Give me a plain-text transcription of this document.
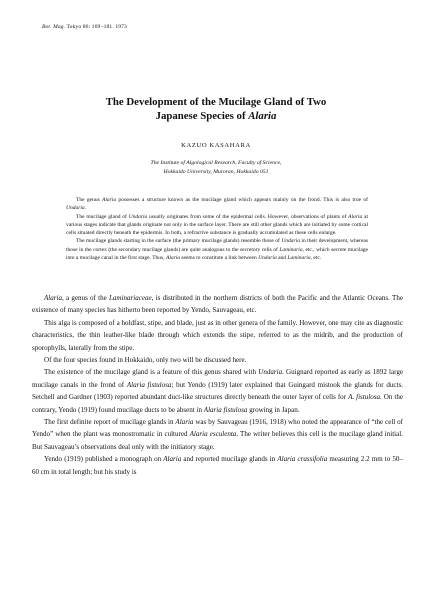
Bot. Mag. Tokyo 86: 169−181. 1973
The Development of the Mucilage Gland of Two
Japanese Species of Alaria
KAZUO KASAHARA
The Institute of Algological Research, Faculty of Science,
Hokkaido University, Muroran, Hokkaido 051

The genus Alaria possesses a structure known as the mucilage gland which appears mainly on the frond. This is also true of Undaria.

The mucilage gland of Undaria usually originates from some of the epidermal cells. However, observations of plants of Alaria at various stages indicate that glands originate not only in the surface layer. There are still other glands which are initiated by some cortical cells situated directly beneath the epidermis. In both, a refractive substance is gradually accumulated as these cells enlarge.

The mucilage glands starting in the surface (the primary mucilage glands) resemble those of Undaria in their development, whereas those in the cortex (the secondary mucilage glands) are quite analogous to the secretory cells of Laminaria, etc., which secrete mucilage into a mucilage canal in the first stage. Thus, Alaria seems to constitute a link between Undaria and Laminaria, etc.

Alaria, a genus of the Laminariaceae, is distributed in the northern districts of both the Pacific and the Atlantic Oceans. The existence of many species has hitherto been reported by Yendo, Sauvageau, etc.

This alga is composed of a holdfast, stipe, and blade, just as in other genera of the family. However, one may cite as diagnostic characteristics, the thin leather-like blade through which extends the stipe, referred to as the midrib, and the production of sporophylls, laterally from the stipe.

Of the four species found in Hokkaido, only two will be discussed here.

The existence of the mucilage gland is a feature of this genus shared with Undaria. Guignard reported as early as 1892 large mucilage canals in the frond of Alaria fistulosa; but Yendo (1919) later explained that Guingard mistook the glands for ducts. Setchell and Gardner (1903) reported abundant duct-like structures directly beneath the outer layer of cells for A. fistulosa. On the contrary, Yendo (1919) found mucilage ducts to be absent in Alaria fistulosa growing in Japan.

The first definite report of mucilage glands in Alaria was by Sauvageau (1916, 1918) who noted the appearance of “the cell of Yendo” when the plant was monostromatic in cultured Alaria esculenta. The writer believes this cell is the mucilage gland initial. But Sauvageau’s observations deal only with the initiatory stage.

Yendo (1919) published a monograph on Alaria and reported mucilage glands in Alaria crassifolia measuring 2.2 mm to 50–60 cm in total length; but his study is
